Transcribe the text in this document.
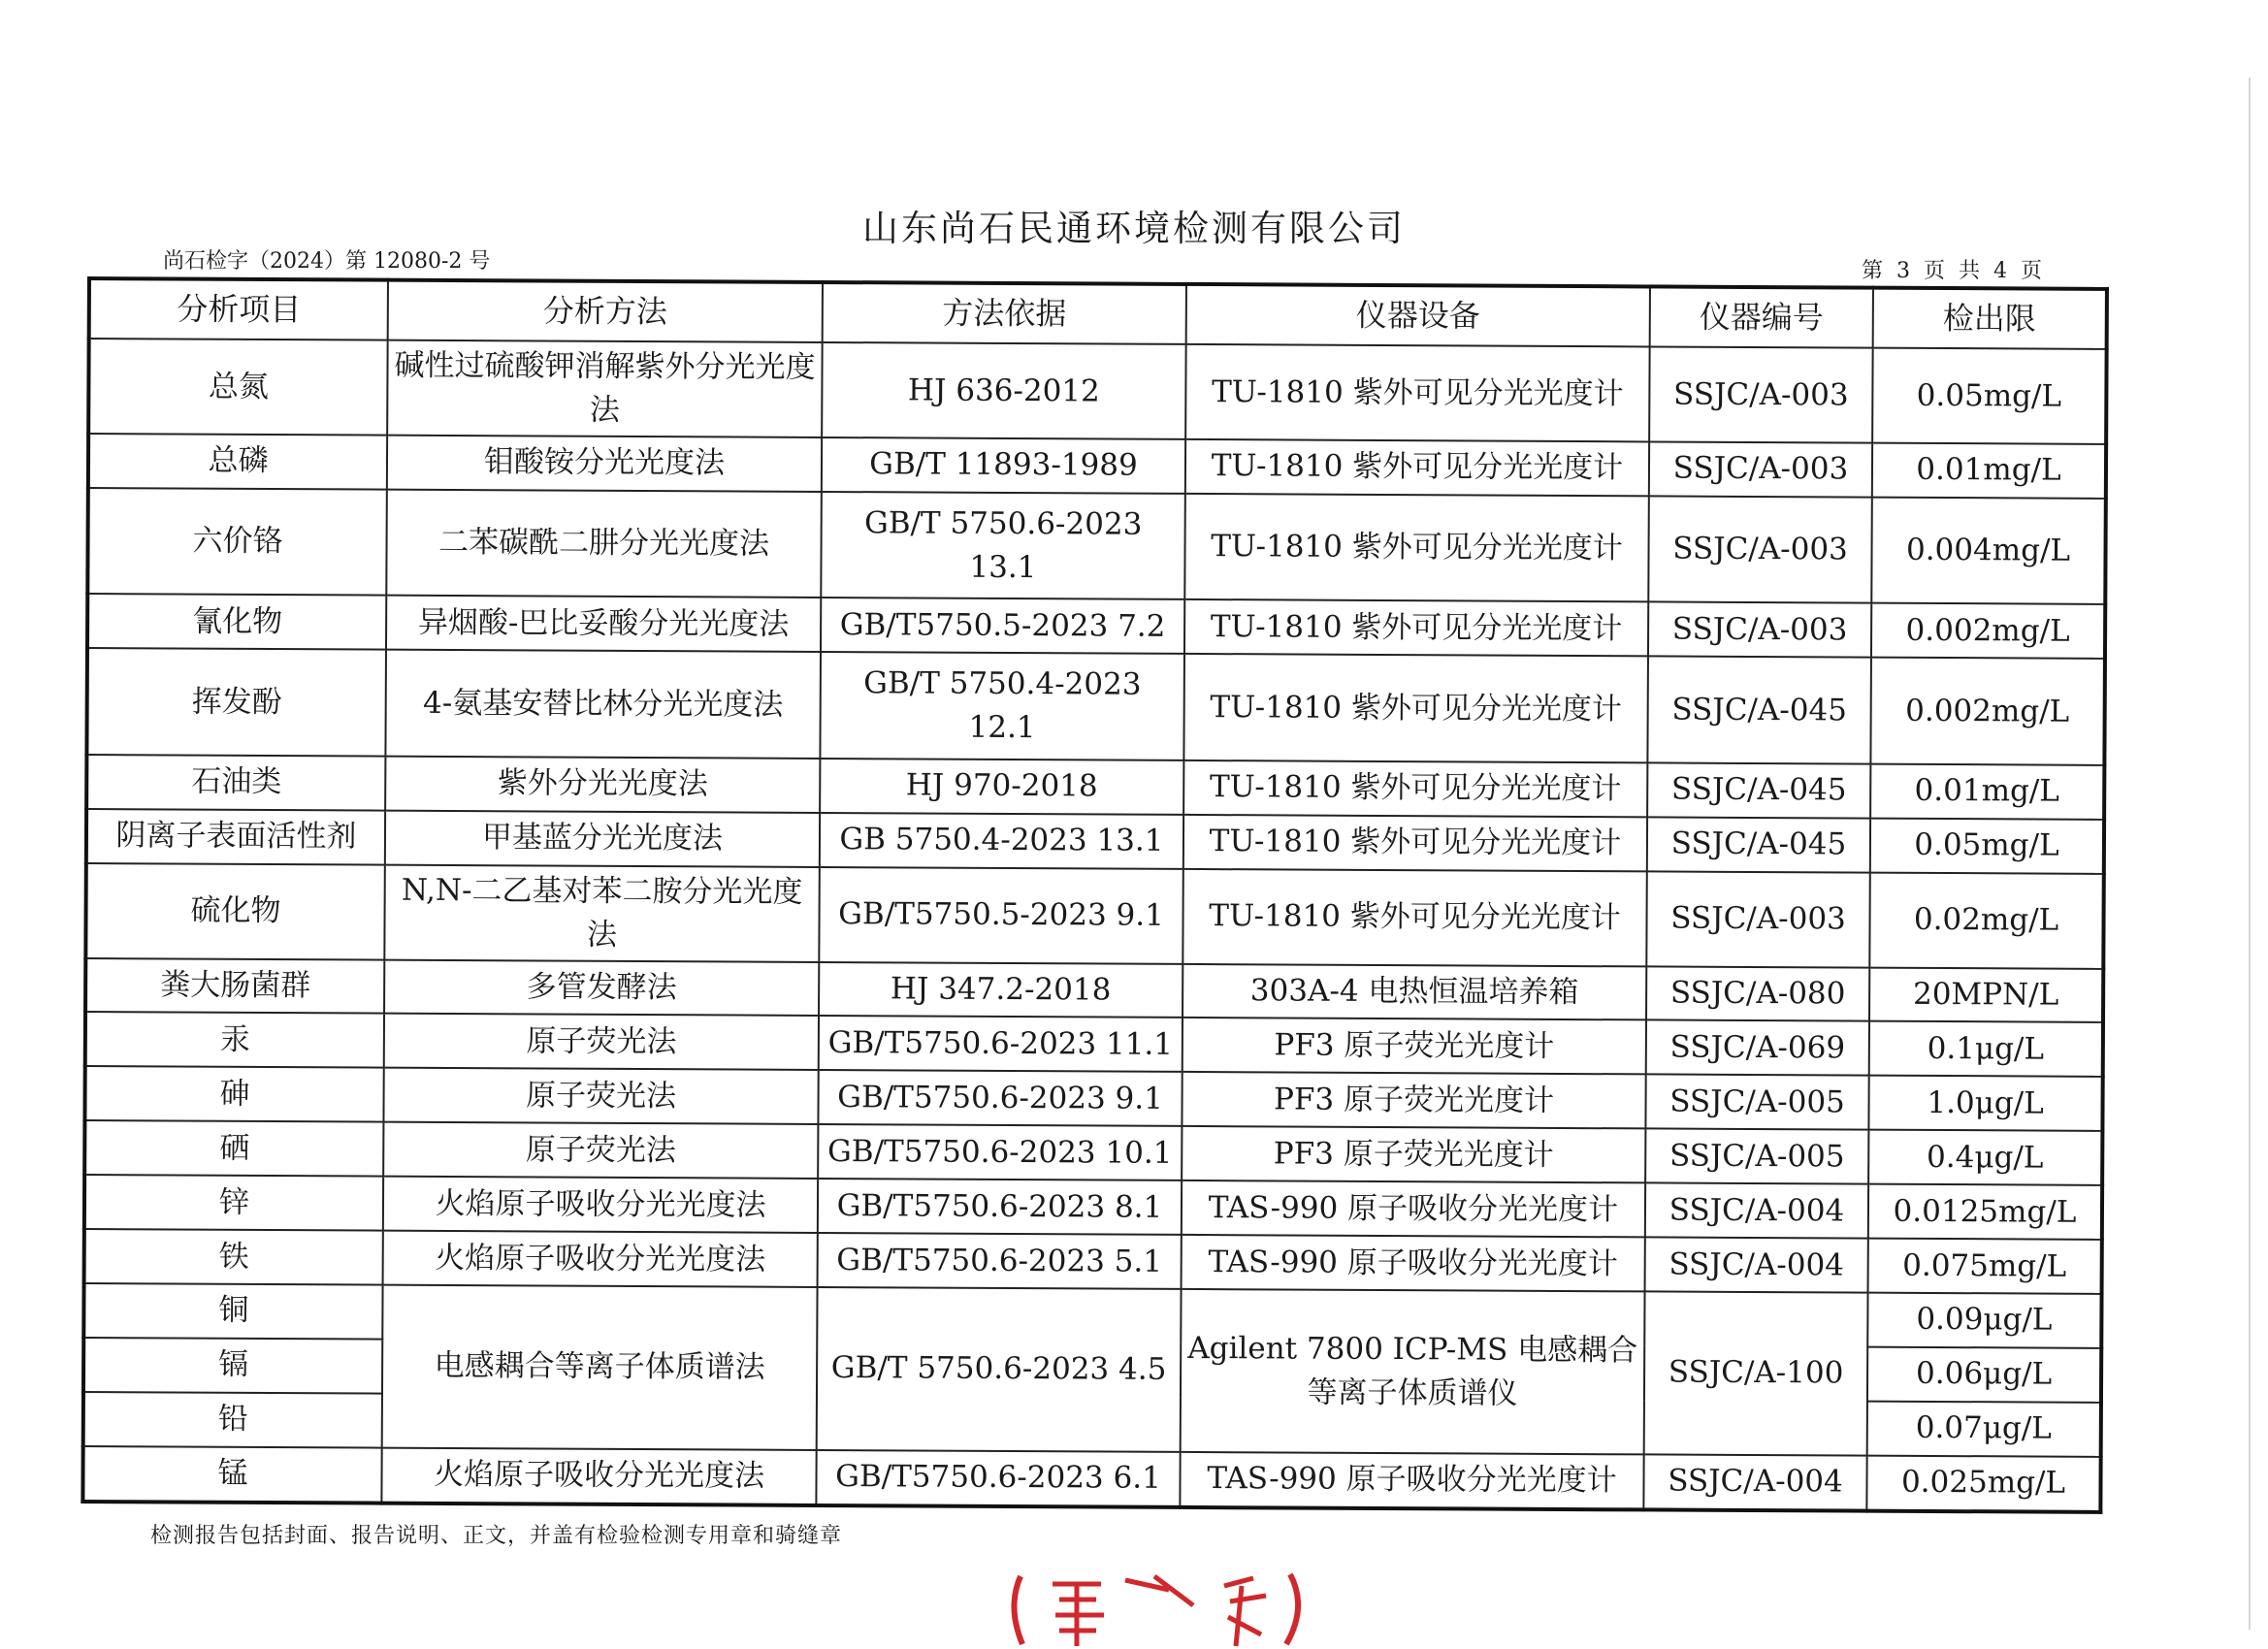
山东尚石民通环境检测有限公司
尚石检字（2024）第 12080-2 号	第 3 页 共 4 页
分析项目	分析方法	方法依据	仪器设备	仪器编号	检出限
总氮	碱性过硫酸钾消解紫外分光光度法	HJ 636-2012	TU-1810 紫外可见分光光度计	SSJC/A-003	0.05mg/L
总磷	钼酸铵分光光度法	GB/T 11893-1989	TU-1810 紫外可见分光光度计	SSJC/A-003	0.01mg/L
六价铬	二苯碳酰二肼分光光度法	GB/T 5750.6-2023 13.1	TU-1810 紫外可见分光光度计	SSJC/A-003	0.004mg/L
氰化物	异烟酸-巴比妥酸分光光度法	GB/T5750.5-2023 7.2	TU-1810 紫外可见分光光度计	SSJC/A-003	0.002mg/L
挥发酚	4-氨基安替比林分光光度法	GB/T 5750.4-2023 12.1	TU-1810 紫外可见分光光度计	SSJC/A-045	0.002mg/L
石油类	紫外分光光度法	HJ 970-2018	TU-1810 紫外可见分光光度计	SSJC/A-045	0.01mg/L
阴离子表面活性剂	甲基蓝分光光度法	GB 5750.4-2023 13.1	TU-1810 紫外可见分光光度计	SSJC/A-045	0.05mg/L
硫化物	N,N-二乙基对苯二胺分光光度法	GB/T5750.5-2023 9.1	TU-1810 紫外可见分光光度计	SSJC/A-003	0.02mg/L
粪大肠菌群	多管发酵法	HJ 347.2-2018	303A-4 电热恒温培养箱	SSJC/A-080	20MPN/L
汞	原子荧光法	GB/T5750.6-2023 11.1	PF3 原子荧光光度计	SSJC/A-069	0.1μg/L
砷	原子荧光法	GB/T5750.6-2023 9.1	PF3 原子荧光光度计	SSJC/A-005	1.0μg/L
硒	原子荧光法	GB/T5750.6-2023 10.1	PF3 原子荧光光度计	SSJC/A-005	0.4μg/L
锌	火焰原子吸收分光光度法	GB/T5750.6-2023 8.1	TAS-990 原子吸收分光光度计	SSJC/A-004	0.0125mg/L
铁	火焰原子吸收分光光度法	GB/T5750.6-2023 5.1	TAS-990 原子吸收分光光度计	SSJC/A-004	0.075mg/L
铜	电感耦合等离子体质谱法	GB/T 5750.6-2023 4.5	Agilent 7800 ICP-MS 电感耦合等离子体质谱仪	SSJC/A-100	0.09μg/L
镉					0.06μg/L
铅					0.07μg/L
锰	火焰原子吸收分光光度法	GB/T5750.6-2023 6.1	TAS-990 原子吸收分光光度计	SSJC/A-004	0.025mg/L
检测报告包括封面、报告说明、正文，并盖有检验检测专用章和骑缝章
